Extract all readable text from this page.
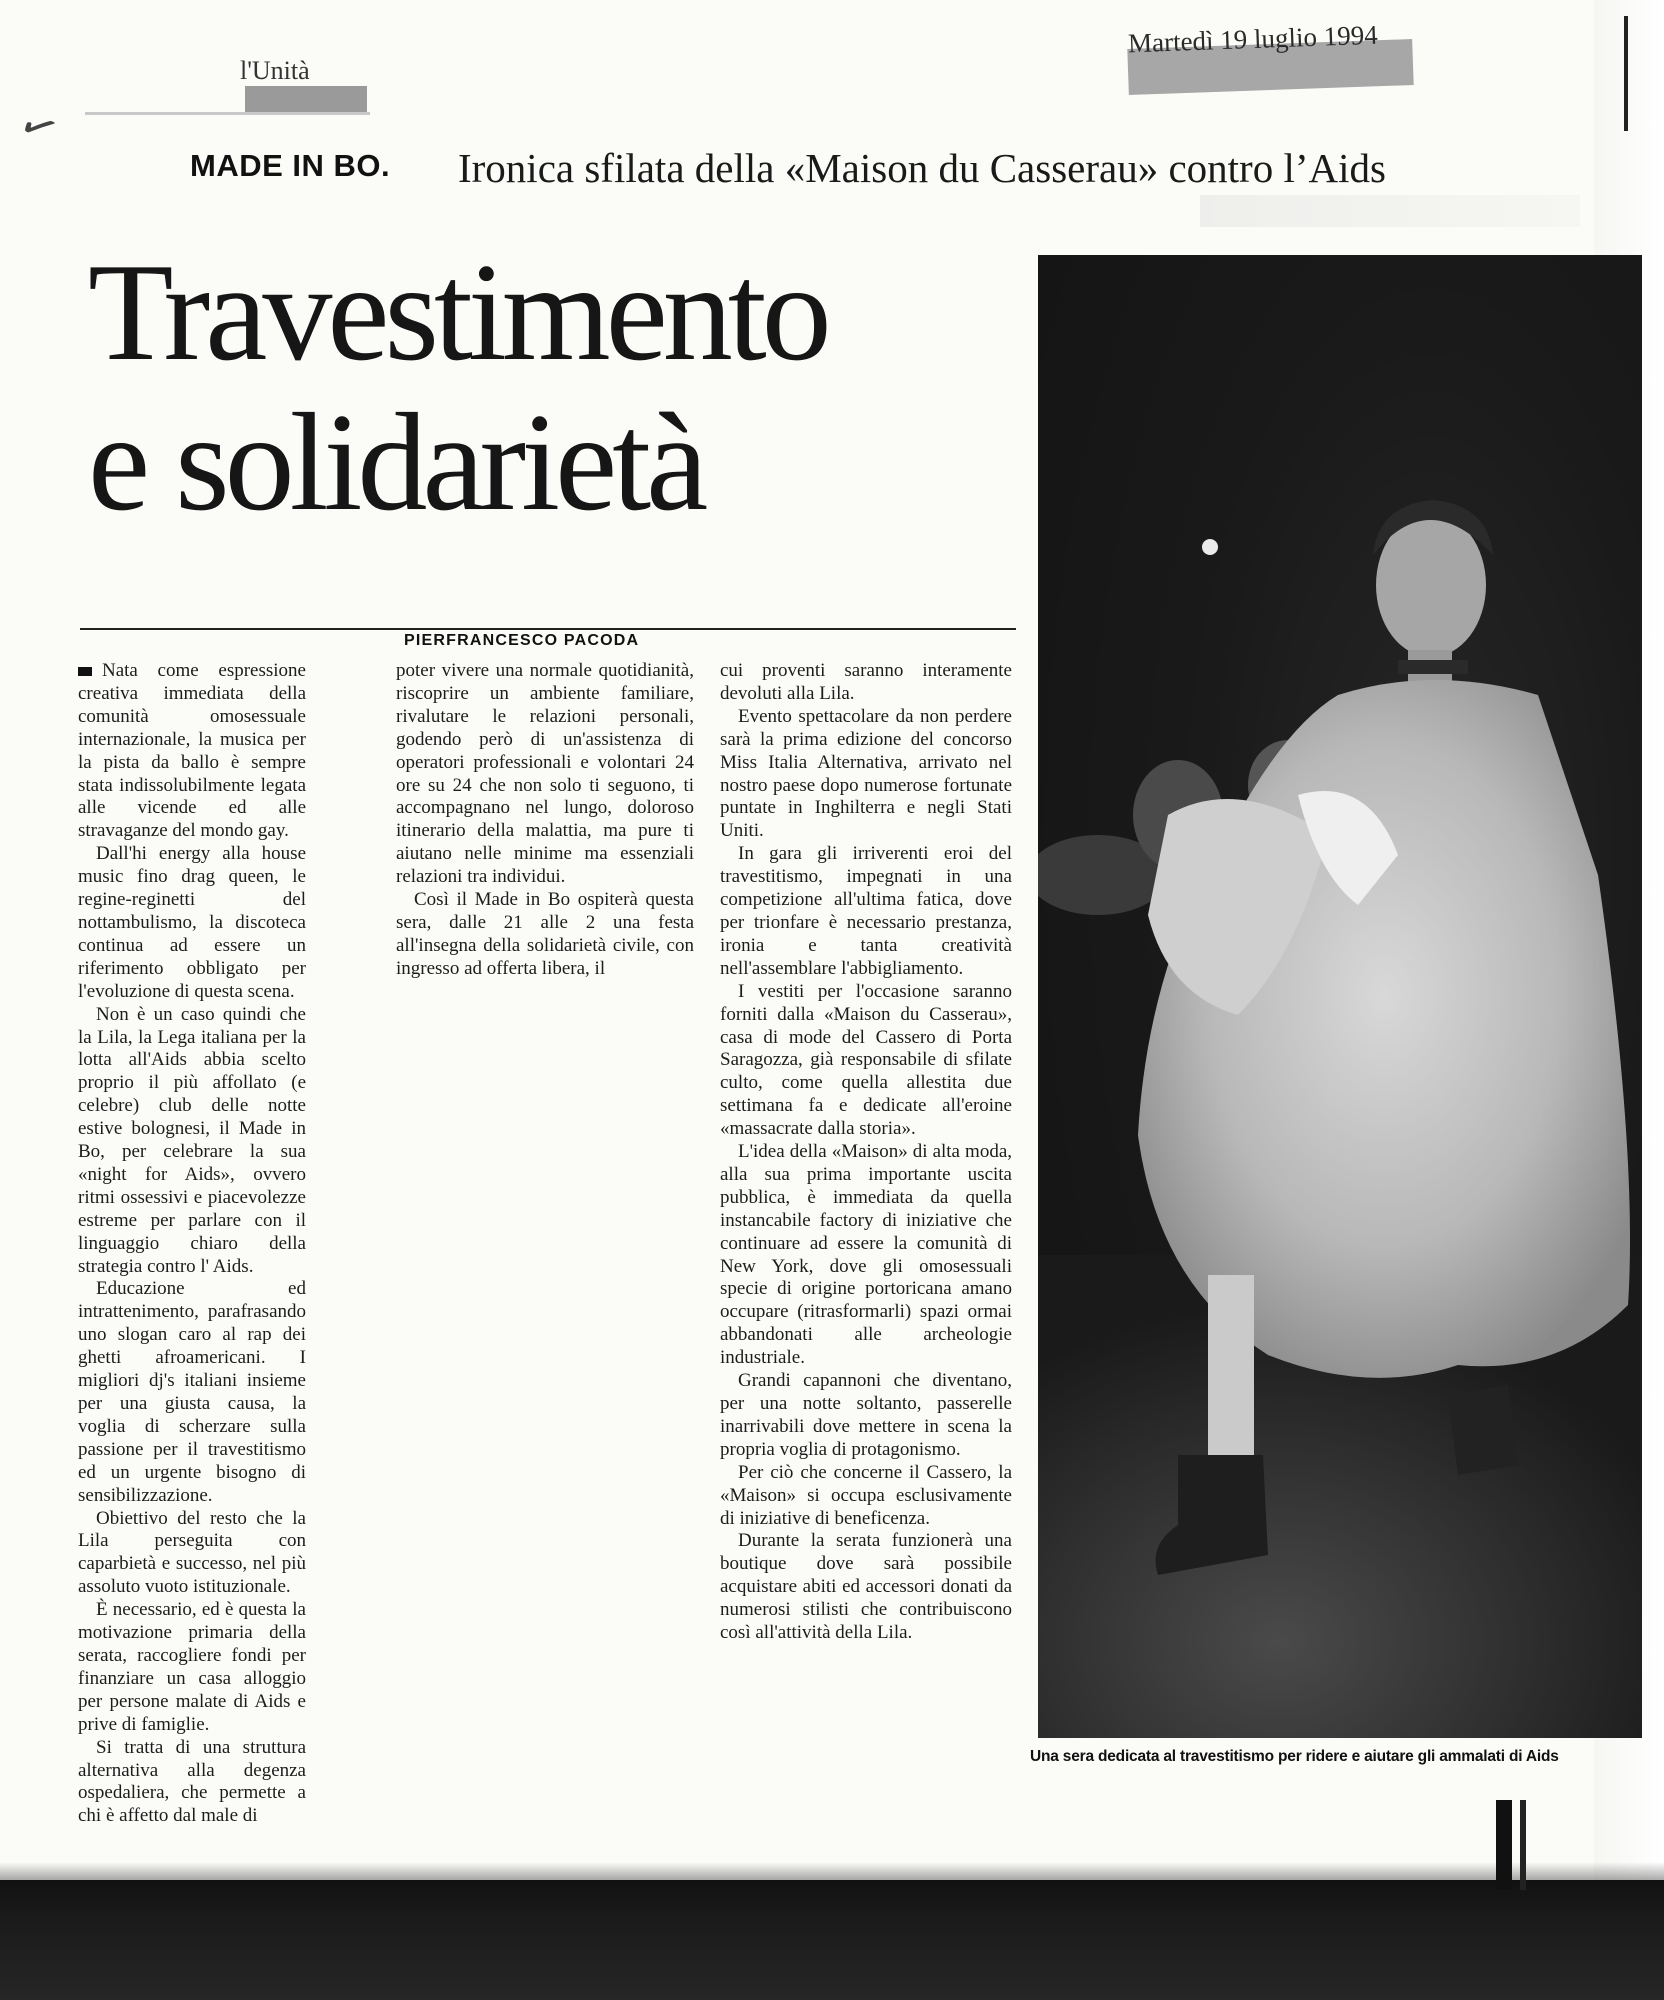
✓
l'Unità
Martedì 19 luglio 1994
MADE IN BO. Ironica sfilata della «Maison du Casserau» contro l’Aids
Travestimento
e solidarietà
PIERFRANCESCO PACODA

Nata come espressione creativa immediata della comunità omosessuale internazionale, la musica per la pista da ballo è sempre stata indissolubilmente legata alle vicende ed alle stravaganze del mondo gay.

Dall'hi energy alla house music fino drag queen, le regine-reginetti del nottambulismo, la discoteca continua ad essere un riferimento obbligato per l'evoluzione di questa scena.

Non è un caso quindi che la Lila, la Lega italiana per la lotta all'Aids abbia scelto proprio il più affollato (e celebre) club delle notte estive bolognesi, il Made in Bo, per celebrare la sua «night for Aids», ovvero ritmi ossessivi e piacevolezze estreme per parlare con il linguaggio chiaro della strategia contro l' Aids.

Educazione ed intrattenimento, parafrasando uno slogan caro al rap dei ghetti afroamericani. I migliori dj's italiani insieme per una giusta causa, la voglia di scherzare sulla passione per il travestitismo ed un urgente bisogno di sensibilizzazione.

Obiettivo del resto che la Lila perseguita con caparbietà e successo, nel più assoluto vuoto istituzionale.

È necessario, ed è questa la motivazione primaria della serata, raccogliere fondi per finanziare un casa alloggio per persone malate di Aids e prive di famiglie.

Si tratta di una struttura alternativa alla degenza ospedaliera, che permette a chi è affetto dal male di

poter vivere una normale quotidianità, riscoprire un ambiente familiare, rivalutare le relazioni personali, godendo però di un'assistenza di operatori professionali e volontari 24 ore su 24 che non solo ti seguono, ti accompagnano nel lungo, doloroso itinerario della malattia, ma pure ti aiutano nelle minime ma essenziali relazioni tra individui.

Così il Made in Bo ospiterà questa sera, dalle 21 alle 2 una festa all'insegna della solidarietà civile, con ingresso ad offerta libera, il

cui proventi saranno interamente devoluti alla Lila.

Evento spettacolare da non perdere sarà la prima edizione del concorso Miss Italia Alternativa, arrivato nel nostro paese dopo numerose fortunate puntate in Inghilterra e negli Stati Uniti.

In gara gli irriverenti eroi del travestitismo, impegnati in una competizione all'ultima fatica, dove per trionfare è necessario prestanza, ironia e tanta creatività nell'assemblare l'abbigliamento.

I vestiti per l'occasione saranno forniti dalla «Maison du Casserau», casa di mode del Cassero di Porta Saragozza, già responsabile di sfilate culto, come quella allestita due settimana fa e dedicate all'eroine «massacrate dalla storia».

L'idea della «Maison» di alta moda, alla sua prima importante uscita pubblica, è immediata da quella instancabile factory di iniziative che continuare ad essere la comunità di New York, dove gli omosessuali specie di origine portoricana amano occupare (ritrasformarli) spazi ormai abbandonati alle archeologie industriale.

Grandi capannoni che diventano, per una notte soltanto, passerelle inarrivabili dove mettere in scena la propria voglia di protagonismo.

Per ciò che concerne il Cassero, la «Maison» si occupa esclusivamente di iniziative di beneficenza.

Durante la serata funzionerà una boutique dove sarà possibile acquistare abiti ed accessori donati da numerosi stilisti che contribuiscono così all'attività della Lila.

Una sera dedicata al travestitismo per ridere e aiutare gli ammalati di Aids
